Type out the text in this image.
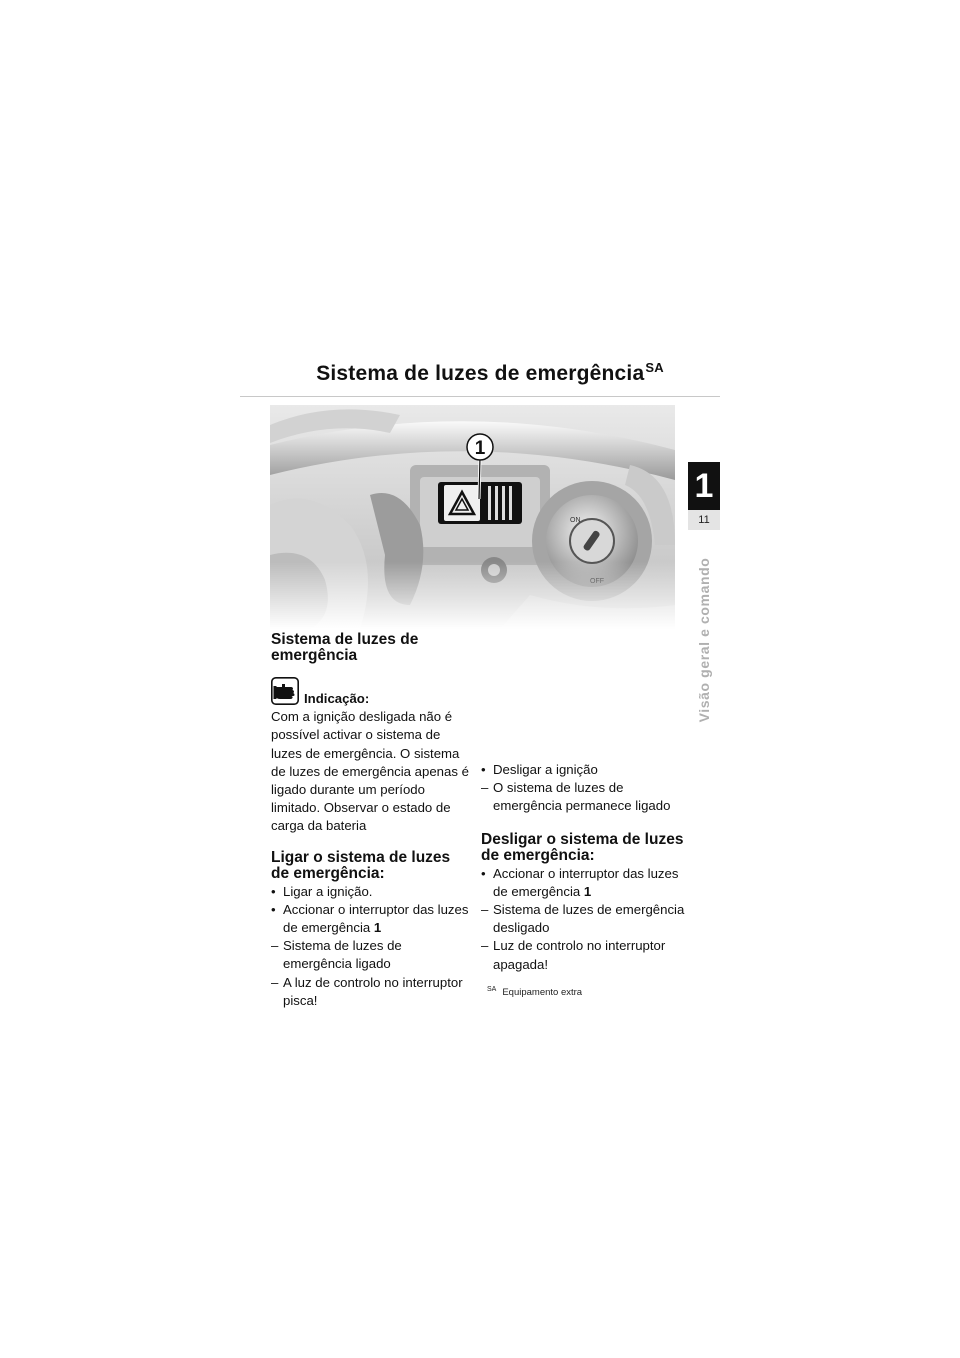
Sistema de luzes de emergência$^{SA}$
1
1
11
Visão geral e comando
Sistema de luzes de emergência
Indicação:

Com a ignição desligada não é possível activar o sistema de luzes de emergência. O sistema de luzes de emergência apenas é ligado durante um período limitado. Observar o estado de carga da bateria

Ligar o sistema de luzes de emergência:
• Ligar a ignição.
• Accionar o interruptor das luzes de emergência 1
– Sistema de luzes de emergência ligado
– A luz de controlo no interruptor pisca!
• Desligar a ignição
– O sistema de luzes de emergência permanece ligado
Desligar o sistema de luzes de emergência:
• Accionar o interruptor das luzes de emergência 1
– Sistema de luzes de emergência desligado
– Luz de controlo no interruptor apagada!
$^{SA}$ Equipamento extra
